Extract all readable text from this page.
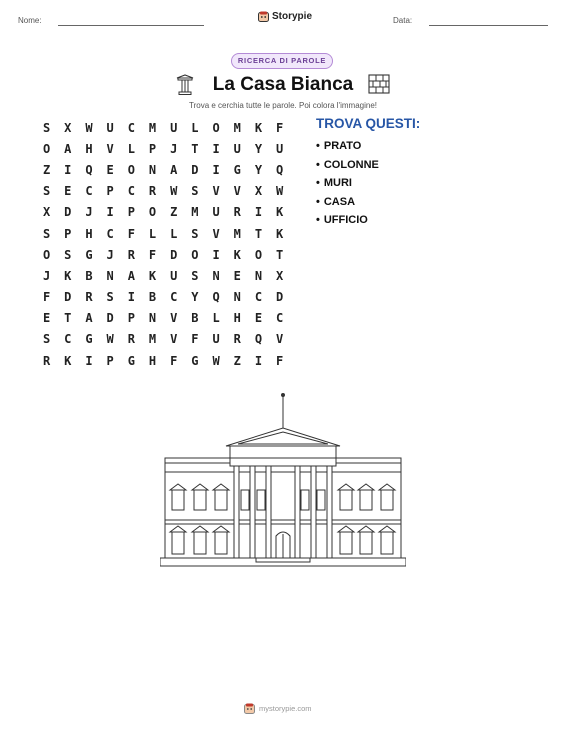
Nome:	Storypie	Data:
RICERCA DI PAROLE
La Casa Bianca
Trova e cerchia tutte le parole. Poi colora l'immagine!
S	X	W	U	C	M	U	L	O	M	K	F
O	A	H	V	L	P	J	T	I	U	Y	U
Z	I	Q	E	O	N	A	D	I	G	Y	Q
S	E	C	P	C	R	W	S	V	V	X	W
X	D	J	I	P	O	Z	M	U	R	I	K
S	P	H	C	F	L	L	S	V	M	T	K
O	S	G	J	R	F	D	O	I	K	O	T
J	K	B	N	A	K	U	S	N	E	N	X
F	D	R	S	I	B	C	Y	Q	N	C	D
E	T	A	D	P	N	V	B	L	H	E	C
S	C	G	W	R	M	V	F	U	R	Q	V
R	K	I	P	G	H	F	G	W	Z	I	F
TROVA QUESTI:
• PRATO
• COLONNE
• MURI
• CASA
• UFFICIO
mystorypie.com
